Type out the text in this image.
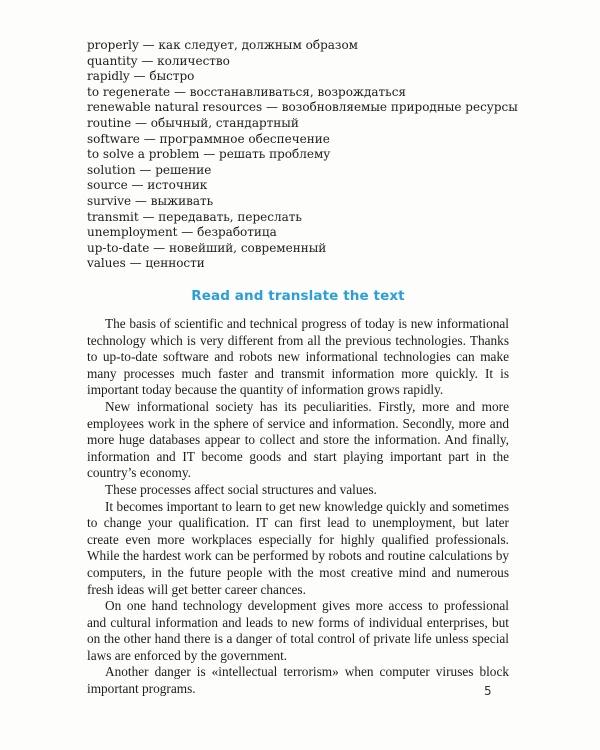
properly — как следует, должным образом
quantity — количество
rapidly — быстро
to regenerate — восстанавливаться, возрождаться
renewable natural resources — возобновляемые природные ресурсы
routine — обычный, стандартный
software — программное обеспечение
to solve a problem — решать проблему
solution — решение
source — источник
survive — выживать
transmit — передавать, переслать
unemployment — безработица
up-to-date — новейший, современный
values — ценности
Read and translate the text

The basis of scientific and technical progress of today is new informational technology which is very different from all the previous technologies. Thanks to up-to-date software and robots new informational technologies can make many processes much faster and transmit information more quickly. It is important today because the quantity of information grows rapidly.

New informational society has its peculiarities. Firstly, more and more employees work in the sphere of service and information. Secondly, more and more huge databases appear to collect and store the information. And finally, information and IT become goods and start playing important part in the country’s economy.

These processes affect social structures and values.

It becomes important to learn to get new knowledge quickly and sometimes to change your qualification. IT can first lead to unemployment, but later create even more workplaces especially for highly qualified professionals. While the hardest work can be performed by robots and routine calculations by computers, in the future people with the most creative mind and numerous fresh ideas will get better career chances.

On one hand technology development gives more access to professional and cultural information and leads to new forms of individual enterprises, but on the other hand there is a danger of total control of private life unless special laws are enforced by the government.

Another danger is «intellectual terrorism» when computer viruses block important programs.	5
